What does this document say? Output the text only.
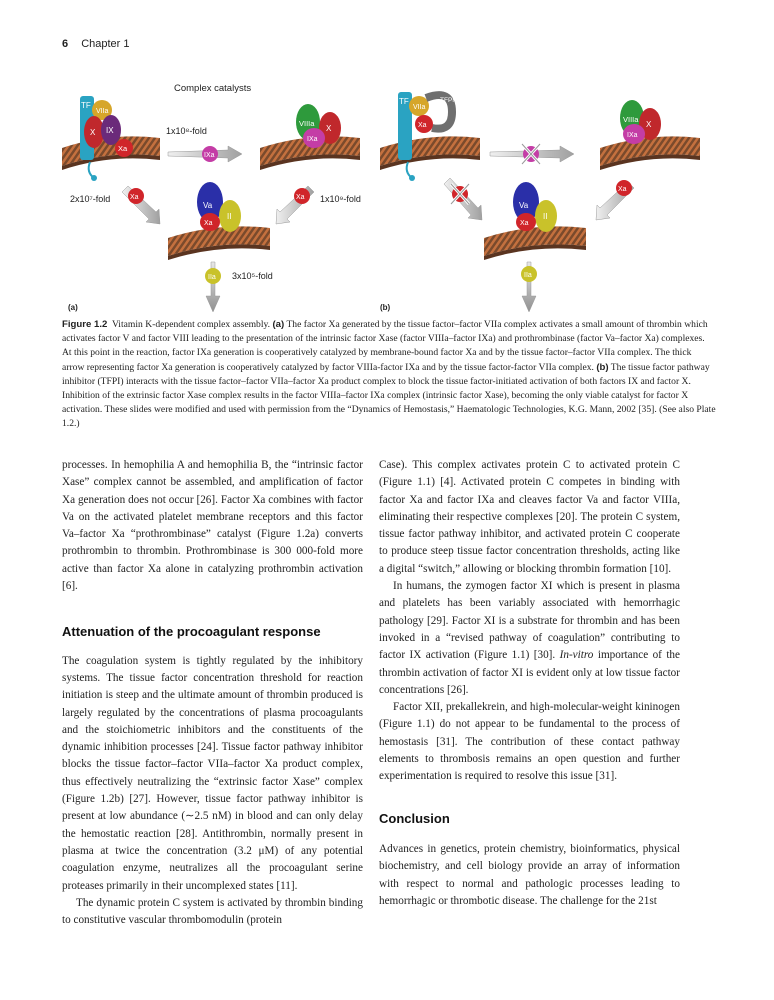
6 Chapter 1
Complex catalysts
TF
VIIa
X IX
Xa
1x10⁸-fold
IXa
VIIIa
X
IXa
2x10⁷-fold	Xa	1x10⁹-fold
Xa
Va
II
Xa
3x10⁵-fold
IIa
(a)
TF
VIIa
TFPI
Xa
VIIIa
X
IXa
Xa
Va
II
Xa
IIa
(b)
Figure 1.2 Vitamin K-dependent complex assembly. (a) The factor Xa generated by the tissue factor–factor VIIa complex activates a small amount of thrombin which activates factor V and factor VIII leading to the presentation of the intrinsic factor Xase (factor VIIIa–factor IXa) and prothrombinase (factor Va–factor Xa) complexes. At this point in the reaction, factor IXa generation is cooperatively catalyzed by membrane-bound factor Xa and by the tissue factor–factor VIIa complex. The thick arrow representing factor Xa generation is cooperatively catalyzed by factor VIIIa-factor IXa and by the tissue factor-factor VIIa complex. (b) The tissue factor pathway inhibitor (TFPI) interacts with the tissue factor–factor VIIa–factor Xa product complex to block the tissue factor-initiated activation of both factors IX and factor X. Inhibition of the extrinsic factor Xase complex results in the factor VIIIa–factor IXa complex (intrinsic factor Xase), becoming the only viable catalyst for factor X activation. These slides were modified and used with permission from the “Dynamics of Hemostasis,” Haematologic Technologies, K.G. Mann, 2002 [35]. (See also Plate 1.2.)

processes. In hemophilia A and hemophilia B, the “intrinsic factor Xase” complex cannot be assembled, and amplification of factor Xa generation does not occur [26]. Factor Xa combines with factor Va on the activated platelet membrane receptors and this factor Va–factor Xa “prothrombinase” catalyst (Figure 1.2a) converts prothrombin to thrombin. Prothrombinase is 300 000-fold more active than factor Xa alone in catalyzing prothrombin activation [6].

Attenuation of the procoagulant response

The coagulation system is tightly regulated by the inhibitory systems. The tissue factor concentration threshold for reaction initiation is steep and the ultimate amount of thrombin produced is largely regulated by the concentrations of plasma procoagulants and the stoichiometric inhibitors and the constituents of the dynamic inhibition processes [24]. Tissue factor pathway inhibitor blocks the tissue factor–factor VIIa–factor Xa product complex, thus effectively neutralizing the “extrinsic factor Xase” complex (Figure 1.2b) [27]. However, tissue factor pathway inhibitor is present at low abundance (∼2.5 nM) in blood and can only delay the hemostatic reaction [28]. Antithrombin, normally present in plasma at twice the concentration (3.2 μM) of any potential coagulation enzyme, neutralizes all the procoagulant serine proteases primarily in their uncomplexed states [11].

The dynamic protein C system is activated by thrombin binding to constitutive vascular thrombomodulin (protein

Case). This complex activates protein C to activated protein C (Figure 1.1) [4]. Activated protein C competes in binding with factor Xa and factor IXa and cleaves factor Va and factor VIIIa, eliminating their respective complexes [20]. The protein C system, tissue factor pathway inhibitor, and activated protein C cooperate to produce steep tissue factor concentration thresholds, acting like a digital “switch,” allowing or blocking thrombin formation [10].

In humans, the zymogen factor XI which is present in plasma and platelets has been variably associated with hemorrhagic pathology [29]. Factor XI is a substrate for thrombin and has been invoked in a “revised pathway of coagulation” contributing to factor IX activation (Figure 1.1) [30]. In-vitro importance of the thrombin activation of factor XI is evident only at low tissue factor concentrations [26].

Factor XII, prekallekrein, and high-molecular-weight kininogen (Figure 1.1) do not appear to be fundamental to the process of hemostasis [31]. The contribution of these contact pathway elements to thrombosis remains an open question and further experimentation is required to resolve this issue [31].

Conclusion

Advances in genetics, protein chemistry, bioinformatics, physical biochemistry, and cell biology provide an array of information with respect to normal and pathologic processes leading to hemorrhagic or thrombotic disease. The challenge for the 21st
